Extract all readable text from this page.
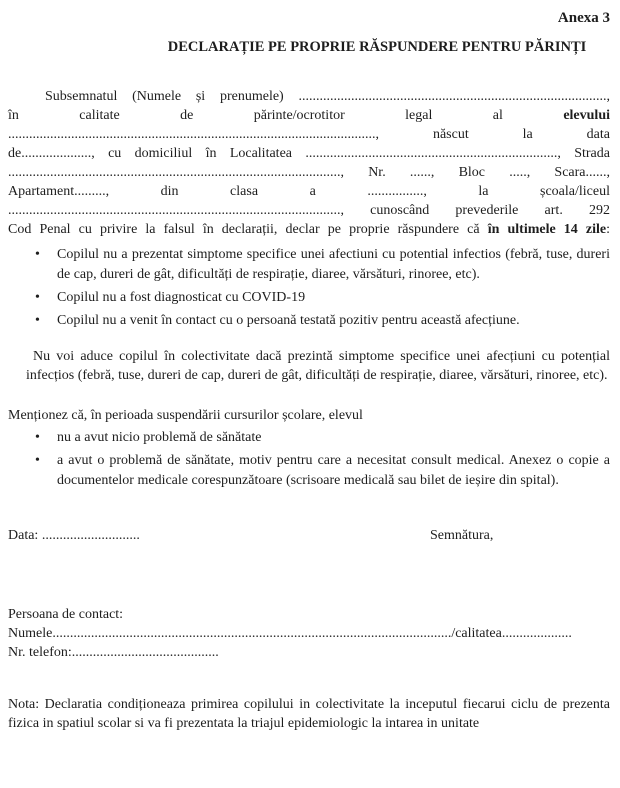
Anexa 3
DECLARAȚIE PE PROPRIE RĂSPUNDERE PENTRU PĂRINȚI
Subsemnatul (Numele și prenumele) ........................................................................................,
în calitate de părinte/ocrotitor legal al elevului
........................................................................................................., născut la data
de...................., cu domiciliul în Localitatea ........................................................................, Strada
..............................................................................................., Nr. ......, Bloc ....., Scara......,
Apartament........., din clasa a ................, la școala/liceul
..............................................................................................., cunoscând prevederile art. 292
Cod Penal cu privire la falsul în declarații, declar pe proprie răspundere că în ultimele 14 zile:
• Copilul nu a prezentat simptome specifice unei afectiuni cu potential infectios (febră, tuse, dureri de cap, dureri de gât, dificultăți de respirație, diaree, vărsături, rinoree, etc).
• Copilul nu a fost diagnosticat cu COVID-19
• Copilul nu a venit în contact cu o persoană testată pozitiv pentru această afecțiune.
Nu voi aduce copilul în colectivitate dacă prezintă simptome specifice unei afecțiuni cu potențial infecțios (febră, tuse, dureri de cap, dureri de gât, dificultăți de respirație, diaree, vărsături, rinoree, etc).
Menționez că, în perioada suspendării cursurilor școlare, elevul
• nu a avut nicio problemă de sănătate
• a avut o problemă de sănătate, motiv pentru care a necesitat consult medical. Anexez o copie a documentelor medicale corespunzătoare (scrisoare medicală sau bilet de ieșire din spital).
Data: ............................	Semnătura,
Persoana de contact:
Numele................................................................................................................../calitatea....................
Nr. telefon:..........................................
Nota: Declaratia condiționeaza primirea copilului in colectivitate la inceputul fiecarui ciclu de prezenta fizica in spatiul scolar si va fi prezentata la triajul epidemiologic la intarea in unitate
